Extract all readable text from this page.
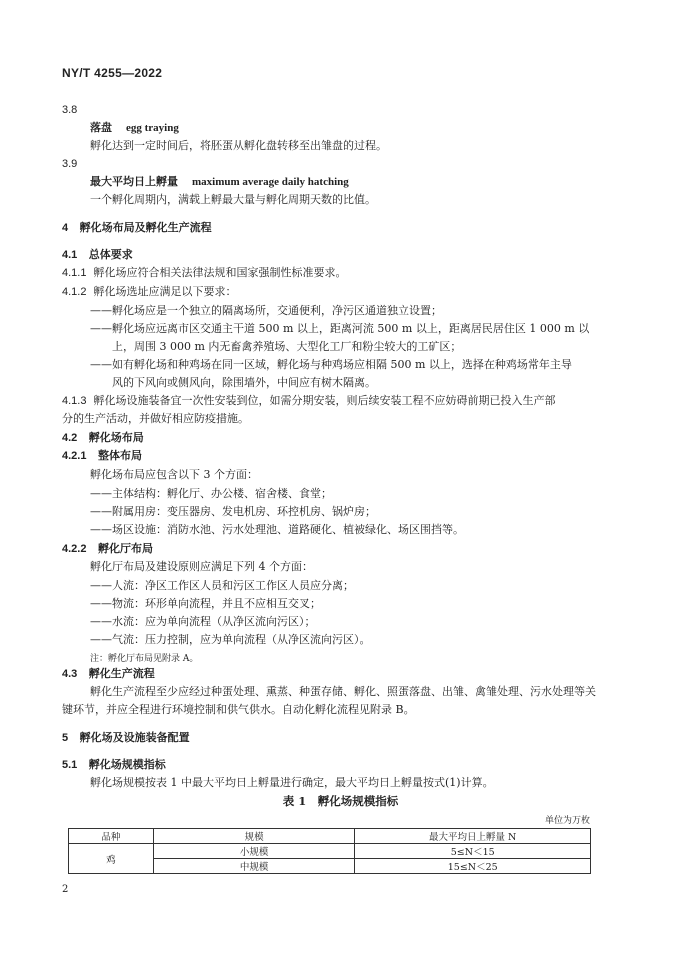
NY/T 4255—2022
3.8
落盘 egg traying
孵化达到一定时间后，将胚蛋从孵化盘转移至出雏盘的过程。
3.9
最大平均日上孵量 maximum average daily hatching
一个孵化周期内，满载上孵最大量与孵化周期天数的比值。
4 孵化场布局及孵化生产流程
4.1 总体要求
4.1.1 孵化场应符合相关法律法规和国家强制性标准要求。
4.1.2 孵化场选址应满足以下要求：
——孵化场应是一个独立的隔离场所，交通便利，净污区通道独立设置；
——孵化场应远离市区交通主干道 500 m 以上，距离河流 500 m 以上，距离居民居住区 1 000 m 以
上，周围 3 000 m 内无畜禽养殖场、大型化工厂和粉尘较大的工矿区；
——如有孵化场和种鸡场在同一区域，孵化场与种鸡场应相隔 500 m 以上，选择在种鸡场常年主导
风的下风向或侧风向，除围墙外，中间应有树木隔离。
4.1.3 孵化场设施装备宜一次性安装到位，如需分期安装，则后续安装工程不应妨碍前期已投入生产部
分的生产活动，并做好相应防疫措施。
4.2 孵化场布局
4.2.1 整体布局
孵化场布局应包含以下 3 个方面：
——主体结构：孵化厅、办公楼、宿舍楼、食堂；
——附属用房：变压器房、发电机房、环控机房、锅炉房；
——场区设施：消防水池、污水处理池、道路硬化、植被绿化、场区围挡等。
4.2.2 孵化厅布局
孵化厅布局及建设原则应满足下列 4 个方面：
——人流：净区工作区人员和污区工作区人员应分离；
——物流：环形单向流程，并且不应相互交叉；
——水流：应为单向流程（从净区流向污区）；
——气流：压力控制，应为单向流程（从净区流向污区）。
注：孵化厅布局见附录 A。
4.3 孵化生产流程
孵化生产流程至少应经过种蛋处理、熏蒸、种蛋存储、孵化、照蛋落盘、出雏、禽雏处理、污水处理等关
键环节，并应全程进行环境控制和供气供水。自动化孵化流程见附录 B。
5 孵化场及设施装备配置
5.1 孵化场规模指标
孵化场规模按表 1 中最大平均日上孵量进行确定，最大平均日上孵量按式(1)计算。
表 1　孵化场规模指标
单位为万枚
品种	规模	最大平均日上孵量 N
鸡	小规模	5≤N＜15
	中规模	15≤N＜25
2
